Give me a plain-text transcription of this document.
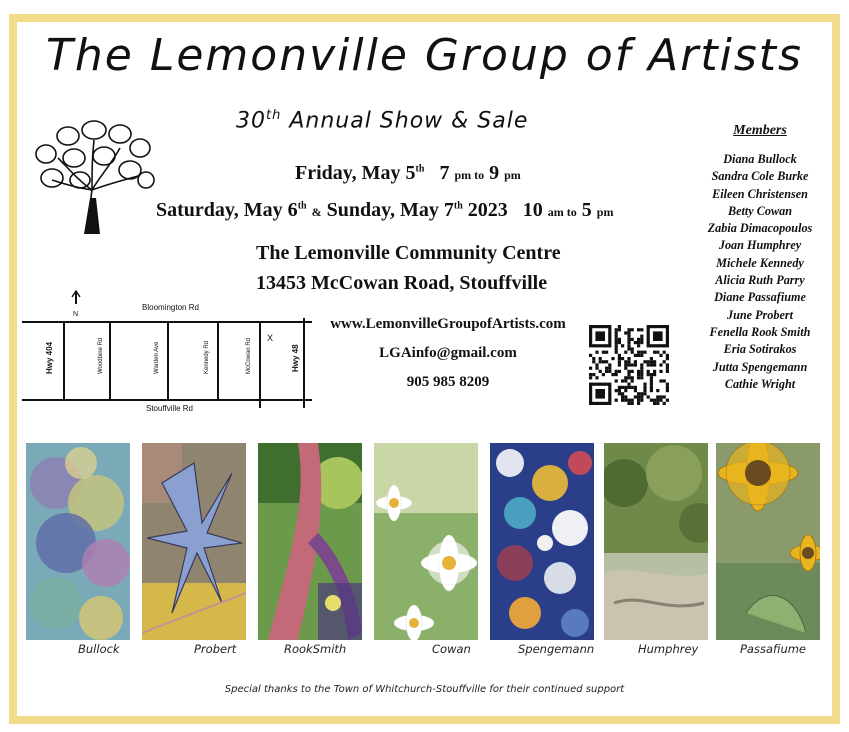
The Lemonville Group of Artists
30th Annual Show & Sale
Friday, May 5th 7 pm to 9 pm
Saturday, May 6th & Sunday, May 7th 2023 10 am to 5 pm
The Lemonville Community Centre
13453 McCowan Road, Stouffville
N
Bloomington Rd
Stouffville Rd
Hwy 404	Woodbine Rd	Warden Ave	Kennedy Rd	McCowan Rd X
Hwy 48
www.LemonvilleGroupofArtists.com
LGAinfo@gmail.com
905 985 8209
Members
Diana Bullock
Sandra Cole Burke
Eileen Christensen
Betty Cowan
Zabia Dimacopoulos
Joan Humphrey
Michele Kennedy
Alicia Ruth Parry
Diane Passafiume
June Probert
Fenella Rook Smith
Eria Sotirakos
Jutta Spengemann
Cathie Wright
Bullock	Probert	RookSmith	Cowan	Spengemann	Humphrey	Passafiume
Special thanks to the Town of Whitchurch-Stouffville for their continued support
